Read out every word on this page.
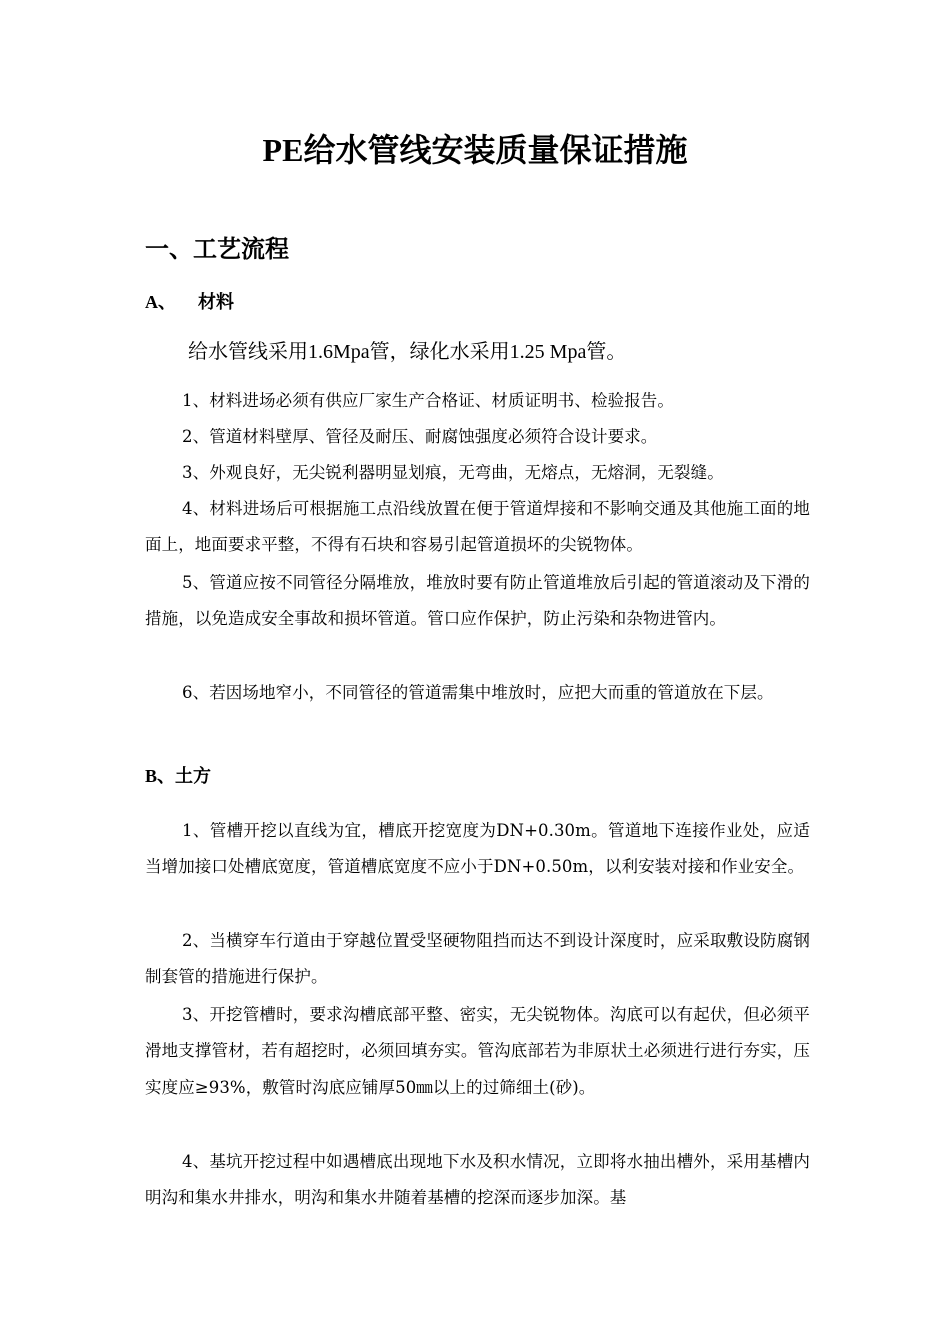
PE给水管线安装质量保证措施
一、工艺流程
A、 材料
给水管线采用1.6Mpa管，绿化水采用1.25 Mpa管。
1、材料进场必须有供应厂家生产合格证、材质证明书、检验报告。
2、管道材料壁厚、管径及耐压、耐腐蚀强度必须符合设计要求。
3、外观良好，无尖锐利器明显划痕，无弯曲，无熔点，无熔洞，无裂缝。
4、材料进场后可根据施工点沿线放置在便于管道焊接和不影响交通及其他施工面的地面上，地面要求平整，不得有石块和容易引起管道损坏的尖锐物体。
5、管道应按不同管径分隔堆放，堆放时要有防止管道堆放后引起的管道滚动及下滑的措施，以免造成安全事故和损坏管道。管口应作保护，防止污染和杂物进管内。
6、若因场地窄小，不同管径的管道需集中堆放时，应把大而重的管道放在下层。
B、土方
1、管槽开挖以直线为宜，槽底开挖宽度为DN+0.30m。管道地下连接作业处，应适当增加接口处槽底宽度，管道槽底宽度不应小于DN+0.50m，以利安装对接和作业安全。
2、当横穿车行道由于穿越位置受坚硬物阻挡而达不到设计深度时，应采取敷设防腐钢制套管的措施进行保护。
3、开挖管槽时，要求沟槽底部平整、密实，无尖锐物体。沟底可以有起伏，但必须平滑地支撑管材，若有超挖时，必须回填夯实。管沟底部若为非原状土必须进行进行夯实，压实度应≥93%，敷管时沟底应铺厚50㎜以上的过筛细土(砂)。
4、基坑开挖过程中如遇槽底出现地下水及积水情况，立即将水抽出槽外，采用基槽内明沟和集水井排水，明沟和集水井随着基槽的挖深而逐步加深。基
